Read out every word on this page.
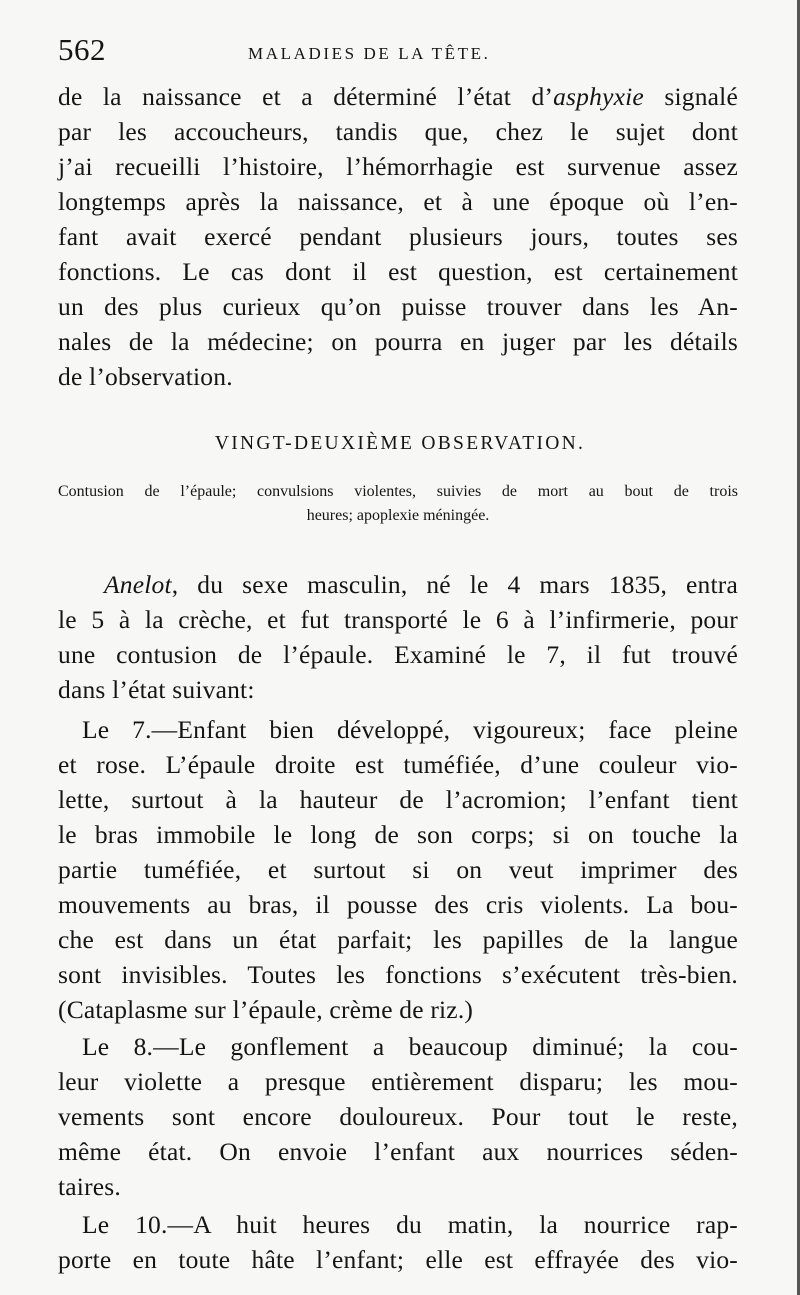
562	MALADIES DE LA TÊTE.
de la naissance et a déterminé l’état d’asphyxie signalé
par les accoucheurs, tandis que, chez le sujet dont
j’ai recueilli l’histoire, l’hémorrhagie est survenue assez
longtemps après la naissance, et à une époque où l’en-
fant avait exercé pendant plusieurs jours, toutes ses
fonctions. Le cas dont il est question, est certainement
un des plus curieux qu’on puisse trouver dans les An-
nales de la médecine; on pourra en juger par les détails
de l’observation.
VINGT-DEUXIÈME OBSERVATION.
Contusion de l’épaule; convulsions violentes, suivies de mort au bout de trois
heures; apoplexie méningée.
Anelot, du sexe masculin, né le 4 mars 1835, entra
le 5 à la crèche, et fut transporté le 6 à l’infirmerie, pour
une contusion de l’épaule. Examiné le 7, il fut trouvé
dans l’état suivant:
Le 7.—Enfant bien développé, vigoureux; face pleine
et rose. L’épaule droite est tuméfiée, d’une couleur vio-
lette, surtout à la hauteur de l’acromion; l’enfant tient
le bras immobile le long de son corps; si on touche la
partie tuméfiée, et surtout si on veut imprimer des
mouvements au bras, il pousse des cris violents. La bou-
che est dans un état parfait; les papilles de la langue
sont invisibles. Toutes les fonctions s’exécutent très-bien.
(Cataplasme sur l’épaule, crème de riz.)
Le 8.—Le gonflement a beaucoup diminué; la cou-
leur violette a presque entièrement disparu; les mou-
vements sont encore douloureux. Pour tout le reste,
même état. On envoie l’enfant aux nourrices séden-
taires.
Le 10.—A huit heures du matin, la nourrice rap-
porte en toute hâte l’enfant; elle est effrayée des vio-
